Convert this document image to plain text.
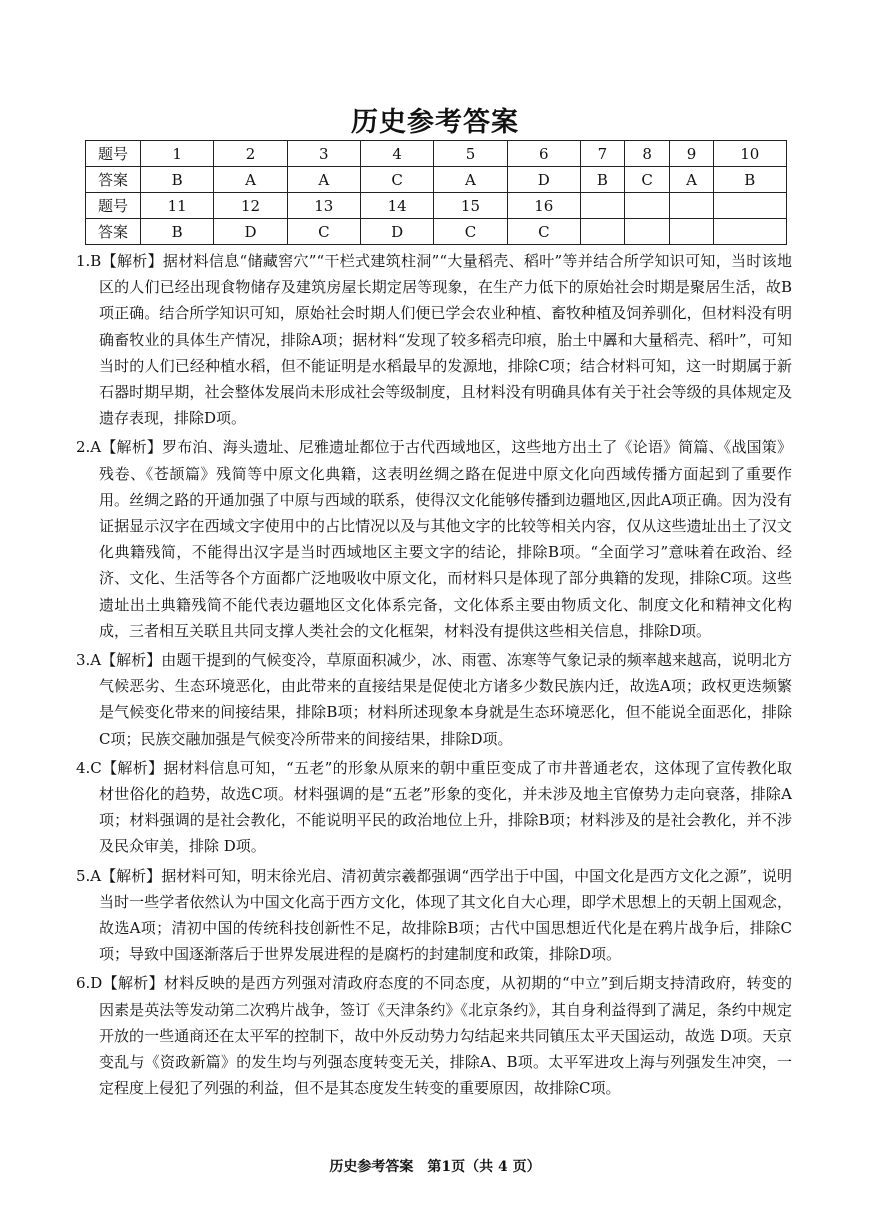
历史参考答案
题号	1	2	3	4	5	6	7	8	9	10
答案	B	A	A	C	A	D	B	C	A	B
题号	11	12	13	14	15	16				
答案	B	D	C	D	C	C				

1.B【解析】据材料信息“储藏窖穴”“干栏式建筑柱洞”“大量稻壳、稻叶”等并结合所学知识可知，当时该地区的人们已经出现食物储存及建筑房屋长期定居等现象，在生产力低下的原始社会时期是聚居生活，故B项正确。结合所学知识可知，原始社会时期人们便已学会农业种植、畜牧种植及饲养驯化，但材料没有明确畜牧业的具体生产情况，排除A项；据材料“发现了较多稻壳印痕，胎土中羼和大量稻壳、稻叶”，可知当时的人们已经种植水稻，但不能证明是水稻最早的发源地，排除C项；结合材料可知，这一时期属于新石器时期早期，社会整体发展尚未形成社会等级制度，且材料没有明确具体有关于社会等级的具体规定及遗存表现，排除D项。

2.A【解析】罗布泊、海头遗址、尼雅遗址都位于古代西域地区，这些地方出土了《论语》简篇、《战国策》残卷、《苍颉篇》残简等中原文化典籍，这表明丝绸之路在促进中原文化向西域传播方面起到了重要作用。丝绸之路的开通加强了中原与西域的联系，使得汉文化能够传播到边疆地区,因此A项正确。因为没有证据显示汉字在西域文字使用中的占比情况以及与其他文字的比较等相关内容，仅从这些遗址出土了汉文化典籍残简，不能得出汉字是当时西域地区主要文字的结论，排除B项。“全面学习”意味着在政治、经济、文化、生活等各个方面都广泛地吸收中原文化，而材料只是体现了部分典籍的发现，排除C项。这些遗址出土典籍残简不能代表边疆地区文化体系完备，文化体系主要由物质文化、制度文化和精神文化构成，三者相互关联且共同支撑人类社会的文化框架，材料没有提供这些相关信息，排除D项。

3.A【解析】由题干提到的气候变冷，草原面积减少，冰、雨雹、冻寒等气象记录的频率越来越高，说明北方气候恶劣、生态环境恶化，由此带来的直接结果是促使北方诸多少数民族内迁，故选A项；政权更迭频繁是气候变化带来的间接结果，排除B项；材料所述现象本身就是生态环境恶化，但不能说全面恶化，排除C项；民族交融加强是气候变冷所带来的间接结果，排除D项。

4.C【解析】据材料信息可知，“五老”的形象从原来的朝中重臣变成了市井普通老农，这体现了宣传教化取材世俗化的趋势，故选C项。材料强调的是“五老”形象的变化，并未涉及地主官僚势力走向衰落，排除A项；材料强调的是社会教化，不能说明平民的政治地位上升，排除B项；材料涉及的是社会教化，并不涉及民众审美，排除 D项。

5.A【解析】据材料可知，明末徐光启、清初黄宗羲都强调“西学出于中国，中国文化是西方文化之源”，说明当时一些学者依然认为中国文化高于西方文化，体现了其文化自大心理，即学术思想上的天朝上国观念，故选A项；清初中国的传统科技创新性不足，故排除B项；古代中国思想近代化是在鸦片战争后，排除C项；导致中国逐渐落后于世界发展进程的是腐朽的封建制度和政策，排除D项。

6.D【解析】材料反映的是西方列强对清政府态度的不同态度，从初期的“中立”到后期支持清政府，转变的因素是英法等发动第二次鸦片战争，签订《天津条约》《北京条约》，其自身利益得到了满足，条约中规定开放的一些通商还在太平军的控制下，故中外反动势力勾结起来共同镇压太平天国运动，故选 D项。天京变乱与《资政新篇》的发生均与列强态度转变无关，排除A、B项。太平军进攻上海与列强发生冲突，一定程度上侵犯了列强的利益，但不是其态度发生转变的重要原因，故排除C项。

历史参考答案　第1页（共 4 页）
